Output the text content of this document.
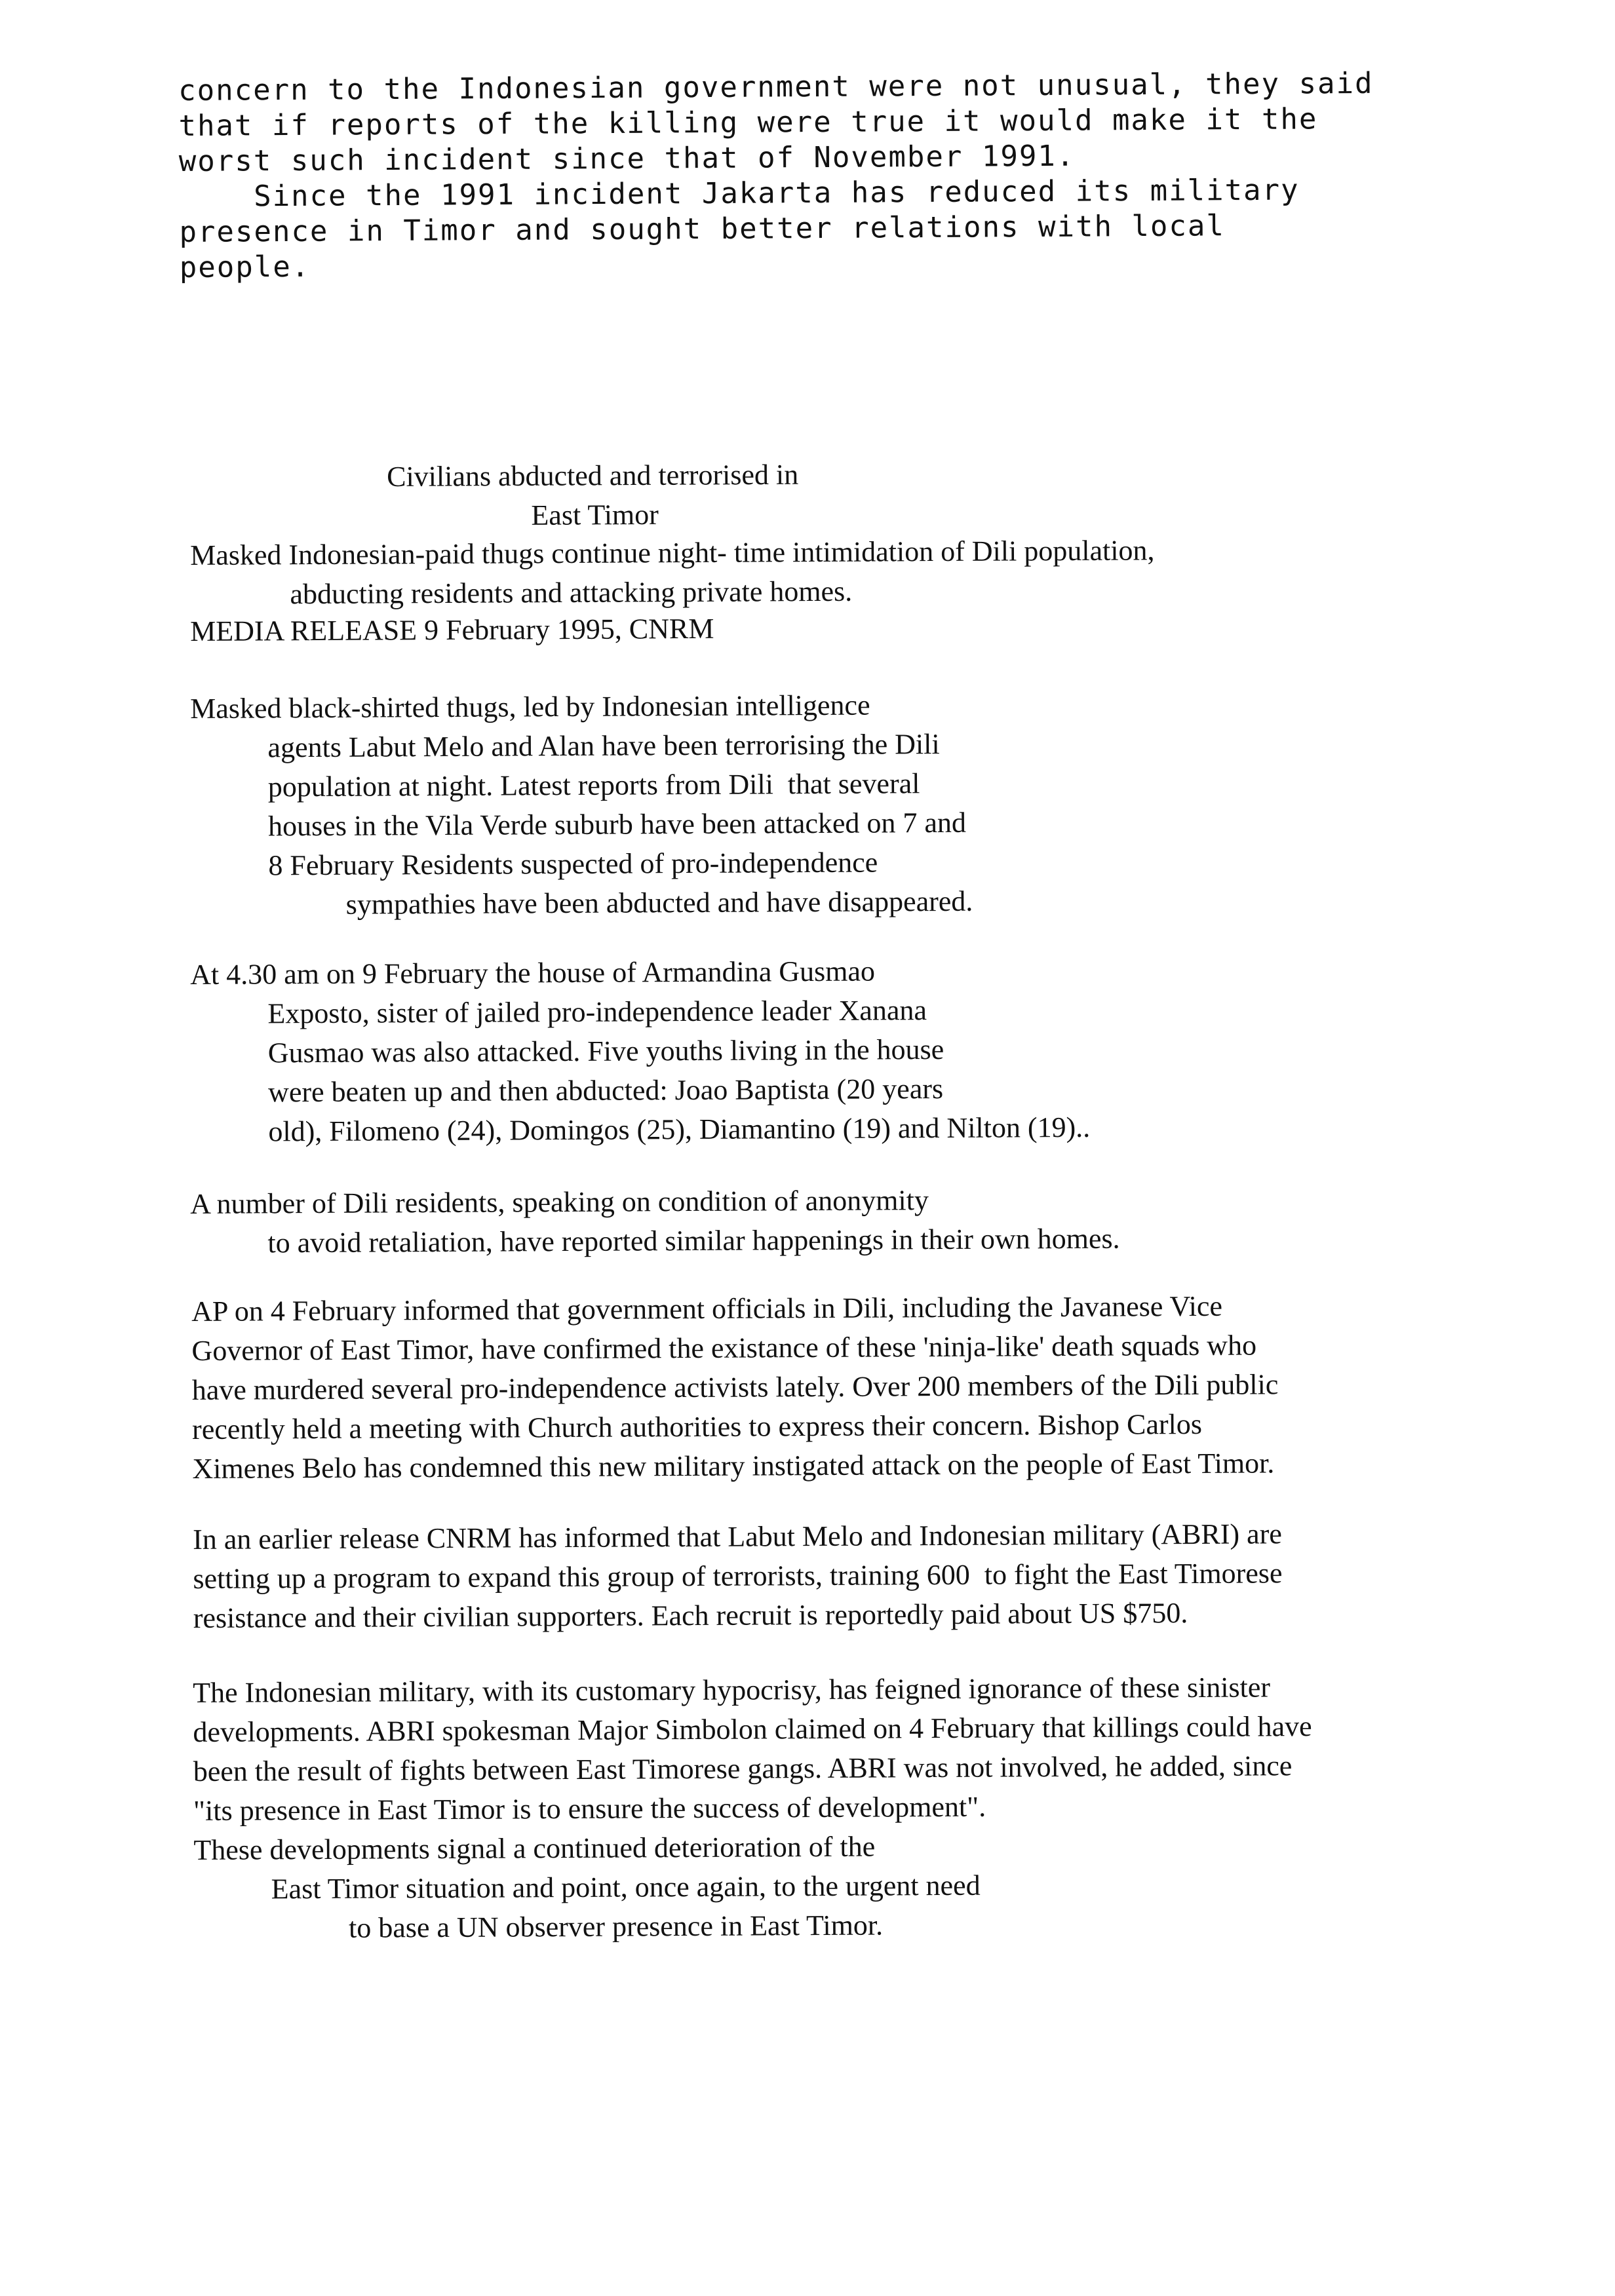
concern to the Indonesian government were not unusual, they said

that if reports of the killing were true it would make it the

worst such incident since that of November 1991.

Since the 1991 incident Jakarta has reduced its military

presence in Timor and sought better relations with local

people.

Civilians abducted and terrorised in

East Timor

Masked Indonesian-paid thugs continue night- time intimidation of Dili population,

abducting residents and attacking private homes.

MEDIA RELEASE 9 February 1995, CNRM

Masked black-shirted thugs, led by Indonesian intelligence

agents Labut Melo and Alan have been terrorising the Dili

population at night. Latest reports from Dili  that several

houses in the Vila Verde suburb have been attacked on 7 and

8 February Residents suspected of pro-independence

sympathies have been abducted and have disappeared.

At 4.30 am on 9 February the house of Armandina Gusmao

Exposto, sister of jailed pro-independence leader Xanana

Gusmao was also attacked. Five youths living in the house

were beaten up and then abducted: Joao Baptista (20 years

old), Filomeno (24), Domingos (25), Diamantino (19) and Nilton (19)..

A number of Dili residents, speaking on condition of anonymity

to avoid retaliation, have reported similar happenings in their own homes.

AP on 4 February informed that government officials in Dili, including the Javanese Vice

Governor of East Timor, have confirmed the existance of these 'ninja-like' death squads who

have murdered several pro-independence activists lately. Over 200 members of the Dili public

recently held a meeting with Church authorities to express their concern. Bishop Carlos

Ximenes Belo has condemned this new military instigated attack on the people of East Timor.

In an earlier release CNRM has informed that Labut Melo and Indonesian military (ABRI) are

setting up a program to expand this group of terrorists, training 600  to fight the East Timorese

resistance and their civilian supporters. Each recruit is reportedly paid about US $750.

The Indonesian military, with its customary hypocrisy, has feigned ignorance of these sinister

developments. ABRI spokesman Major Simbolon claimed on 4 February that killings could have

been the result of fights between East Timorese gangs. ABRI was not involved, he added, since

"its presence in East Timor is to ensure the success of development".

These developments signal a continued deterioration of the

East Timor situation and point, once again, to the urgent need

to base a UN observer presence in East Timor.
